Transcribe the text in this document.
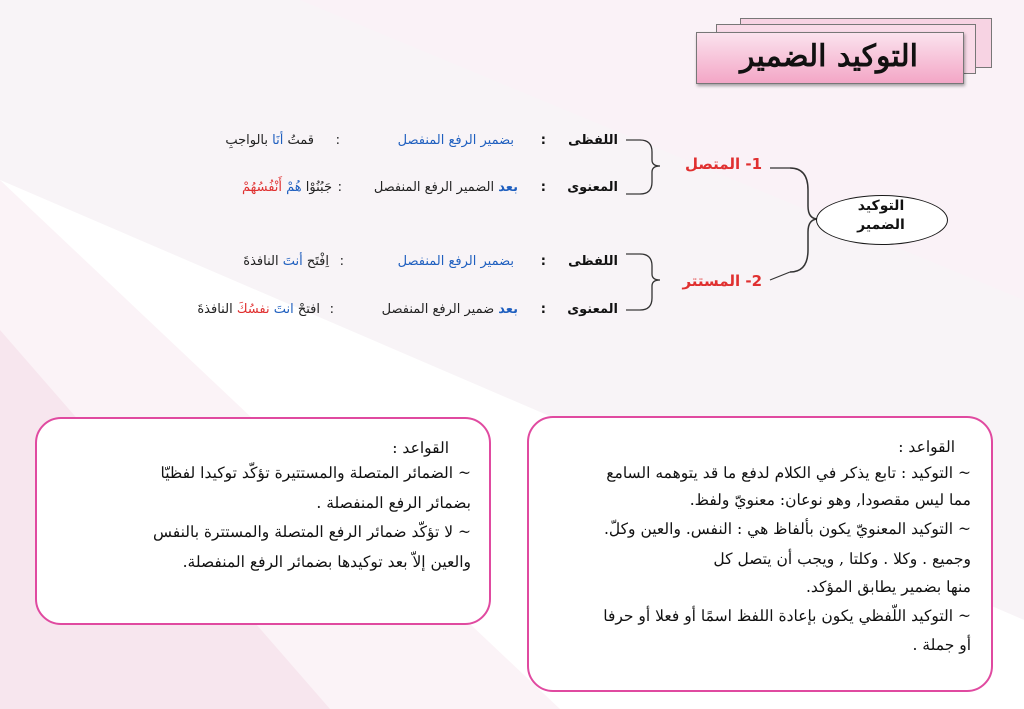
التوكيد الضمير
التوكيد
الضمير
1- المتصل
2- المستتر
اللفظى
:
بضمير الرفع المنفصل
:
قمتُ أنَا بالواجبِ
المعنوى
:
بعد الضمير الرفع المنفصل
:
جَبُنُوْا هُمْ أَنْفُسُهُمْ
اللفظى
:
بضمير الرفع المنفصل
:
اِفْتَح أنتَ النافذةَ
المعنوى
:
بعد ضمير الرفع المنفصل
:
افتحْ انتَ نفسُكَ النافذةَ
القواعد :
~ الضمائر المتصلة والمستتيرة تؤكّد توكيدا لفظيّا
بضمائر الرفع المنفصلة .
~ لا تؤكّد ضمائر الرفع المتصلة والمستترة بالنفس
والعين إلاّ بعد توكيدها بضمائر الرفع المنفصلة.
القواعد :
~ التوكيد : تابع يذكر في الكلام لدفع ما قد يتوهمه السامع
مما ليس مقصودا, وهو نوعان: معنويّ ولفظ.
~ التوكيد المعنويّ يكون بألفاظ هي : النفس. والعين وكلّ.
وجميع . وكلا . وكلتا , ويجب أن يتصل كل
منها بضمير يطابق المؤكد.
~ التوكيد اللّفظي يكون بإعادة اللفظ اسمًا أو فعلا أو حرفا
أو جملة .
